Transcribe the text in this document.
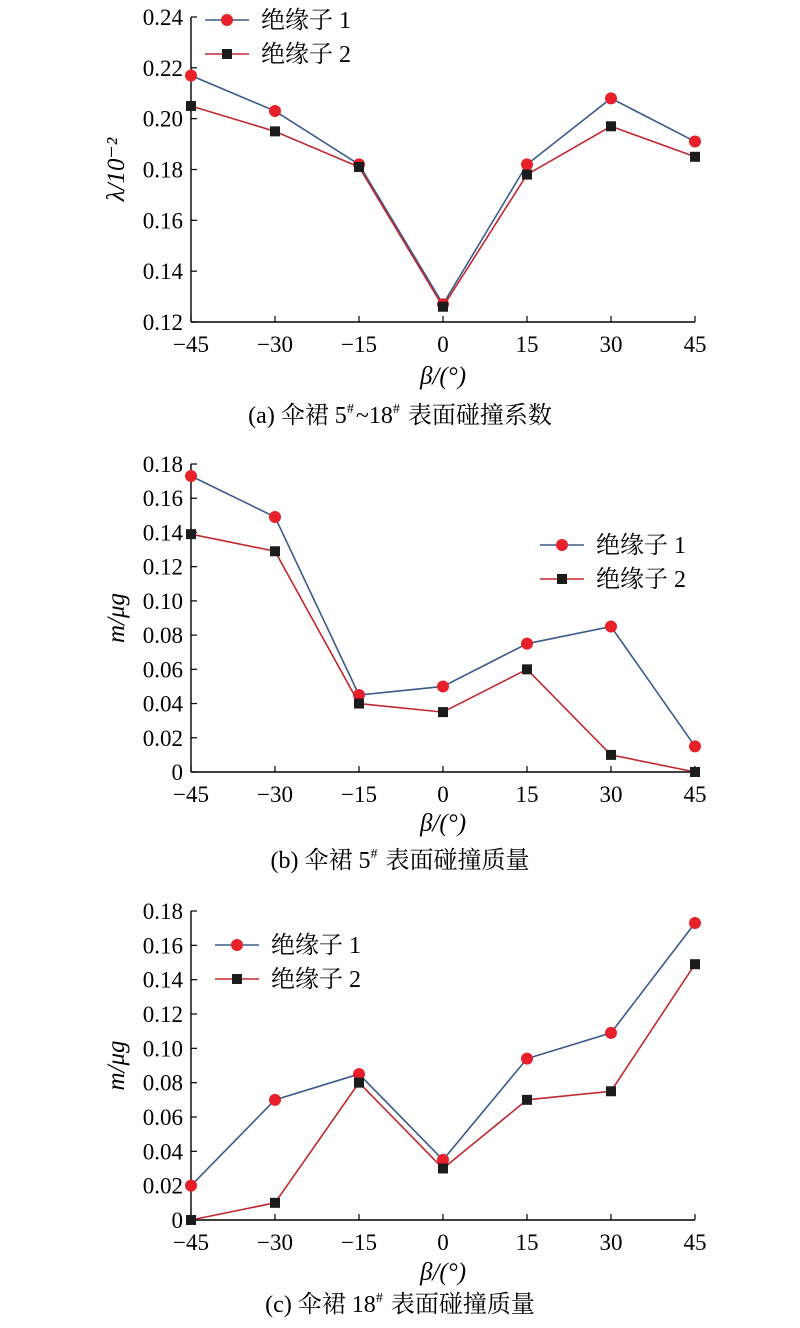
0.12
0.14
0.16
0.18
0.20
0.22
0.24
−45 −30 −15	0	15	30	45
β/(°)
λ/10⁻²
绝缘子 1
绝缘子 2
(a) 伞裙 5# ~18#  表面碰撞系数
0
0.02
0.04
0.06
0.08
0.10
0.12
0.14
0.16
0.18
−45 −30 −15	0	15	30	45
β/(°)
m/μg
绝缘子 1
绝缘子 2
(b) 伞裙 5#  表面碰撞质量
0
0.02
0.04
0.06
0.08
0.10
0.12
0.14
0.16
0.18
−45 −30 −15	0	15	30	45
β/(°)
m/μg
绝缘子 1
绝缘子 2
(c) 伞裙 18#  表面碰撞质量
